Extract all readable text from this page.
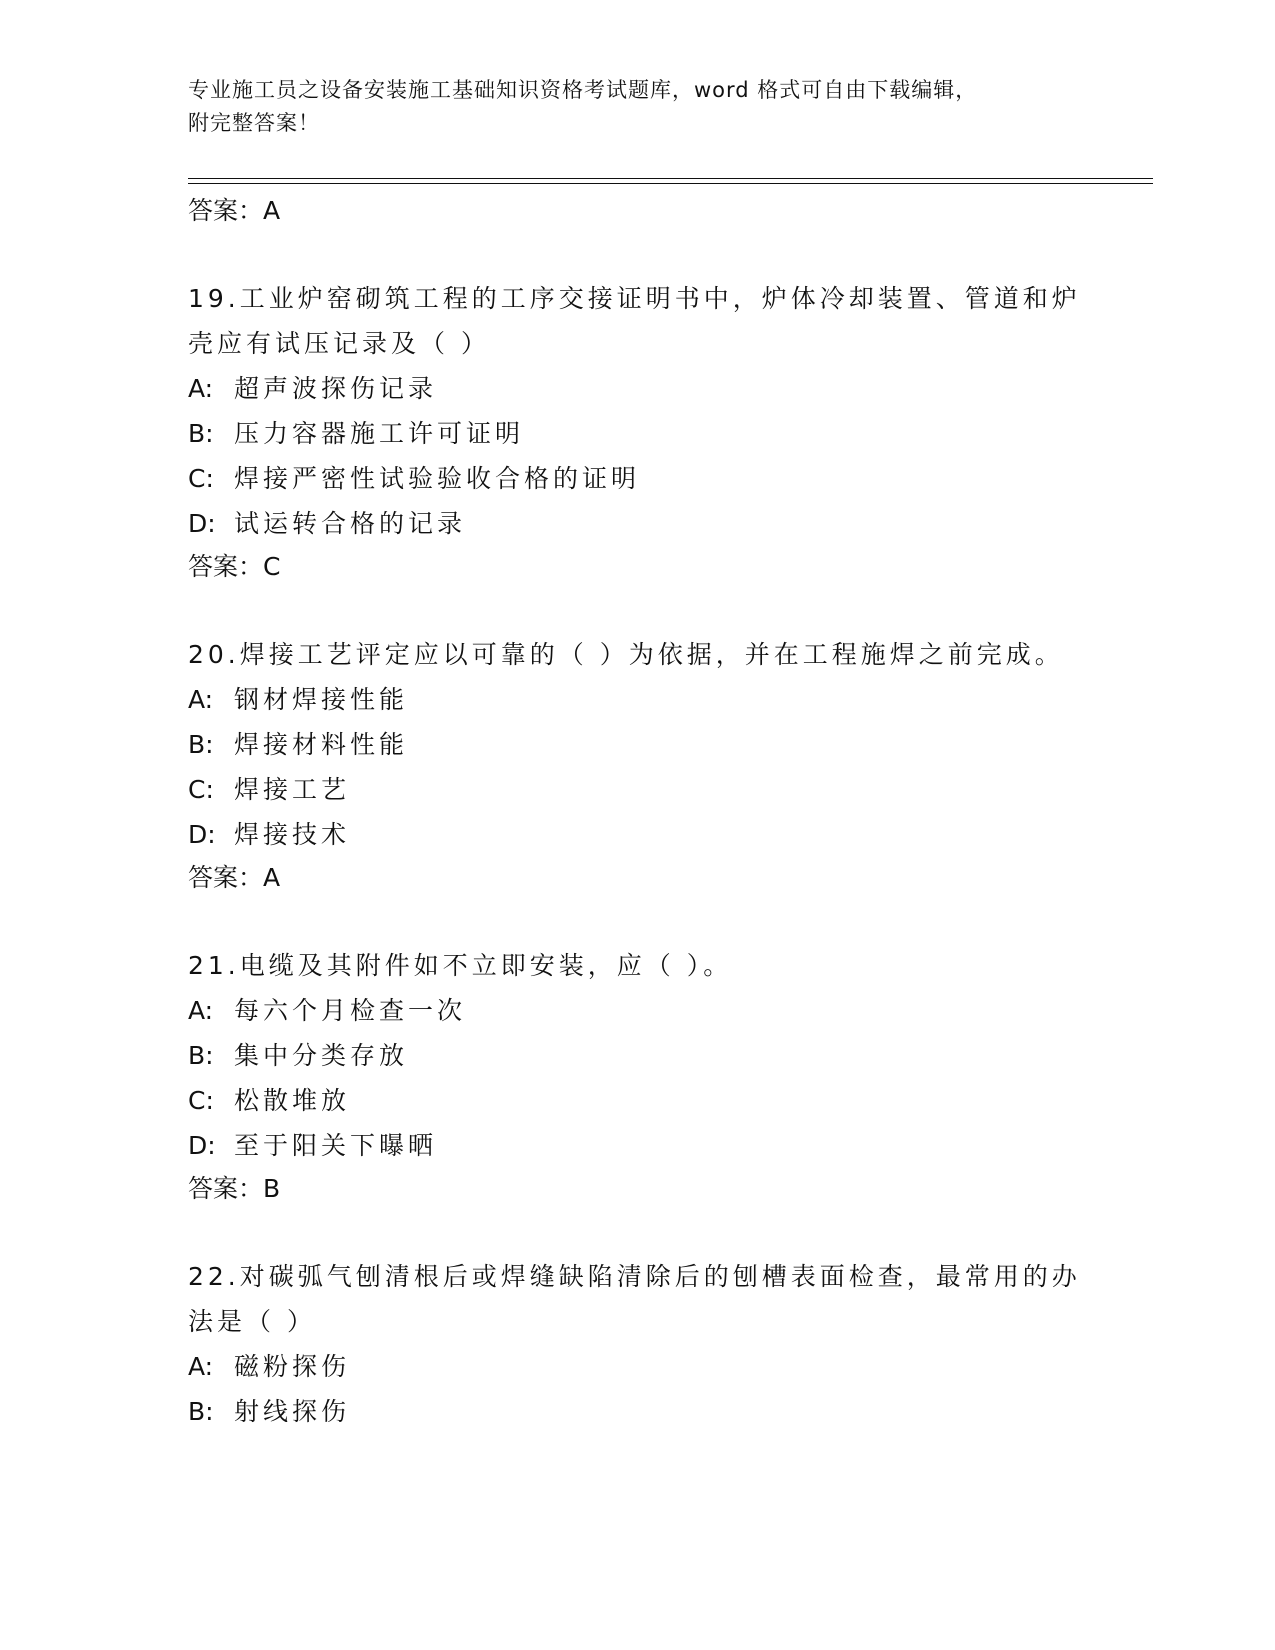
专业施工员之设备安装施工基础知识资格考试题库，word 格式可自由下载编辑，
附完整答案！
答案：A
19.工业炉窑砌筑工程的工序交接证明书中，炉体冷却装置、管道和炉壳应有试压记录及（ ）
A: 超声波探伤记录
B: 压力容器施工许可证明
C: 焊接严密性试验验收合格的证明
D: 试运转合格的记录
答案：C
20.焊接工艺评定应以可靠的（ ）为依据，并在工程施焊之前完成。
A: 钢材焊接性能
B: 焊接材料性能
C: 焊接工艺
D: 焊接技术
答案：A
21.电缆及其附件如不立即安装，应（ ）。
A: 每六个月检查一次
B: 集中分类存放
C: 松散堆放
D: 至于阳关下曝晒
答案：B
22.对碳弧气刨清根后或焊缝缺陷清除后的刨槽表面检查，最常用的办法是（ ）
A: 磁粉探伤
B: 射线探伤
